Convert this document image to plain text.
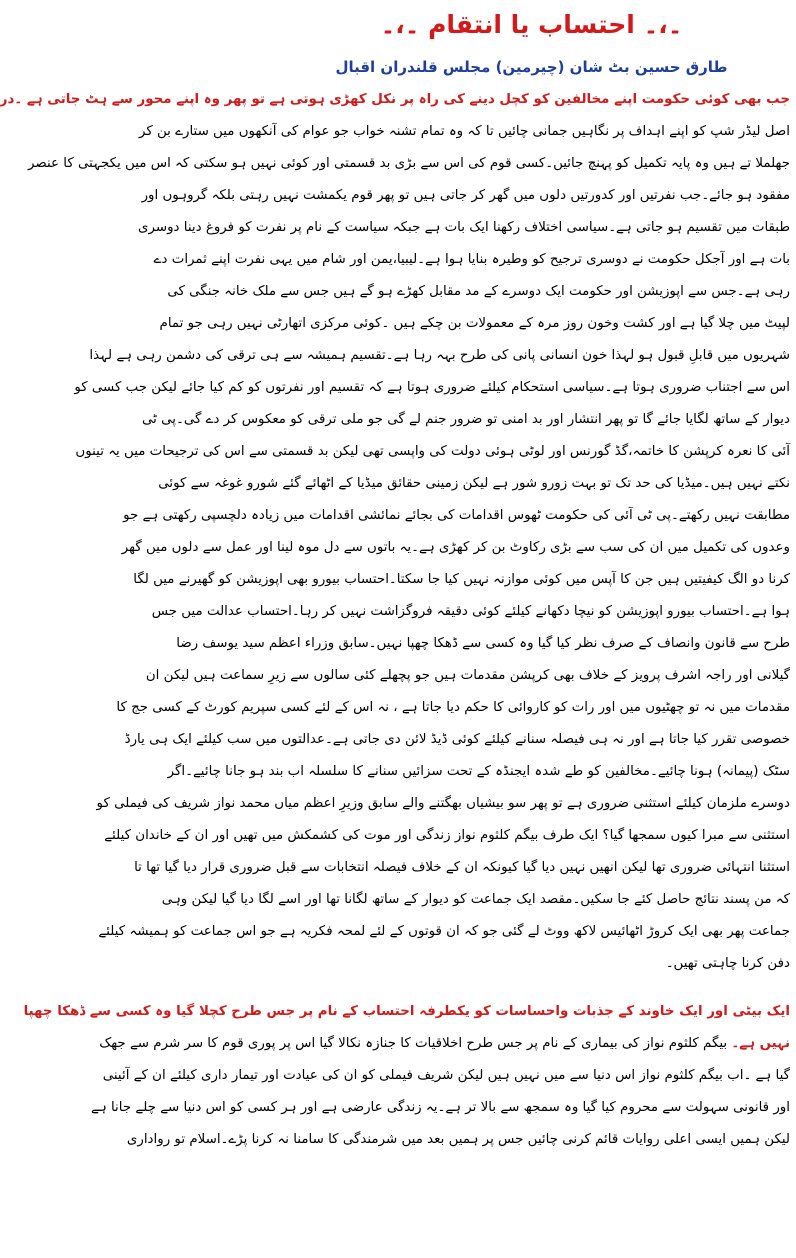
۔،۔ احتساب یا انتقام ۔،۔
طارق حسین بٹ شان (چیرمین) مجلس قلندران اقبال
جب بھی کوئی حکومت اپنے مخالفین کو کچل دینے کی راہ پر نکل کھڑی ہوتی ہے تو پھر وہ اپنے محور سے ہٹ جاتی ہے ۔در
اصل لیڈر شپ کو اپنے اہداف پر نگاہیں جمانی چائیں تا کہ وہ تمام تشنہ خواب جو عوام کی آنکھوں میں ستارے بن کر
جھلملا تے ہیں وہ پایہ تکمیل کو پہنچ جائیں۔کسی قوم کی اس سے بڑی بد قسمتی اور کوئی نہیں ہو سکتی کہ اس میں یکجہتی کا عنصر
مفقود ہو جائے۔جب نفرتیں اور کدورتیں دلوں میں گھر کر جاتی ہیں تو پھر قوم یکمشت نہیں رہتی بلکہ گروہوں اور
طبقات میں تقسیم ہو جاتی ہے۔سیاسی اختلاف رکھنا ایک بات ہے جبکہ سیاست کے نام پر نفرت کو فروغ دینا دوسری
بات ہے اور آجکل حکومت نے دوسری ترجیح کو وطیرہ بنایا ہوا ہے۔لیبیا،یمن اور شام میں یہی نفرت اپنے ثمرات دے
رہی ہے۔جس سے اپوزیشن اور حکومت ایک دوسرے کے مد مقابل کھڑے ہو گے ہیں جس سے ملک خانہ جنگی کی
لپیٹ میں چلا گیا ہے اور کشت وخون روز مرہ کے معمولات بن چکے ہیں ۔کوئی مرکزی اتھارٹی نہیں رہی جو تمام
شہریوں میں قابلِ قبول ہو لہذا خون انسانی پانی کی طرح بہہ رہا ہے۔تقسیم ہمیشہ سے ہی ترقی کی دشمن رہی ہے لہذا
اس سے اجتناب ضروری ہوتا ہے۔سیاسی استحکام کیلئے ضروری ہوتا ہے کہ تقسیم اور نفرتوں کو کم کیا جائے لیکن جب کسی کو
دیوار کے ساتھ لگایا جائے گا تو پھر انتشار اور بد امنی تو ضرور جنم لے گی جو ملی ترقی کو معکوس کر دے گی۔پی ٹی
آئی کا نعرہ کرپشن کا خاتمہ،گڈ گورنس اور لوٹی ہوئی دولت کی واپسی تھی لیکن بد قسمتی سے اس کی ترجیحات میں یہ تینوں
نکتے نہیں ہیں۔میڈیا کی حد تک تو بہت زورو شور ہے لیکن زمینی حقائق میڈیا کے اٹھائے گئے شورو غوغہ سے کوئی
مطابقت نہیں رکھتے۔پی ٹی آئی کی حکومت ٹھوس اقدامات کی بجائے نمائشی اقدامات میں زیادہ دلچسپی رکھتی ہے جو
وعدوں کی تکمیل میں ان کی سب سے بڑی رکاوٹ بن کر کھڑی ہے۔یہ باتوں سے دل موہ لینا اور عمل سے دلوں میں گھر
کرنا دو الگ کیفیتیں ہیں جن کا آپس میں کوئی موازنہ نہیں کیا جا سکتا۔احتساب بیورو بھی اپوزیشن کو گھیرنے میں لگا
ہوا ہے۔احتساب بیورو اپوزیشن کو نیچا دکھانے کیلئے کوئی دقیقہ فروگزاشت نہیں کر رہا۔احتساب عدالت میں جس
طرح سے قانون وانصاف کے صرف نظر کیا گیا وہ کسی سے ڈھکا چھپا نہیں۔سابق وزراء اعظم سید یوسف رضا
گیلانی اور راجہ اشرف پرویز کے خلاف بھی کرپشن مقدمات ہیں جو پچھلے کئی سالوں سے زیرِ سماعت ہیں لیکن ان
مقدمات میں نہ تو چھٹیوں میں اور رات کو کاروائی کا حکم دیا جاتا ہے ، نہ اس کے لئے کسی سپریم کورٹ کے کسی جج کا
خصوصی تقرر کیا جاتا ہے اور نہ ہی فیصلہ سنانے کیلئے کوئی ڈیڈ لائن دی جاتی ہے۔عدالتوں میں سب کیلئے ایک ہی یارڈ
سٹک (پیمانہ) ہونا چائیے۔مخالفین کو طے شدہ ایجنڈہ کے تحت سزائیں سنانے کا سلسلہ اب بند ہو جانا چائیے۔اگر
دوسرے ملزمان کیلئے استثنی ضروری ہے تو پھر سو بیشیاں بھگتنے والے سابق وزیرِ اعظم میاں محمد نواز شریف کی فیملی کو
استثنی سے مبرا کیوں سمجھا گیا؟ ایک طرف بیگم کلثوم نواز زندگی اور موت کی کشمکش میں تھیں اور ان کے خاندان کیلئے
استثنا انتہائی ضروری تھا لیکن انھیں نہیں دیا گیا کیونکہ ان کے خلاف فیصلہ انتخابات سے قبل ضروری قرار دیا گیا تھا تا
کہ من پسند نتائج حاصل کئے جا سکیں۔مقصد ایک جماعت کو دیوار کے ساتھ لگانا تھا اور اسے لگا دیا گیا لیکن وہی
جماعت پھر بھی ایک کروڑ اٹھائیس لاکھ ووٹ لے گئی جو کہ ان قوتوں کے لئے لمحہ فکریہ ہے جو اس جماعت کو ہمیشہ کیلئے
دفن کرنا چاہتی تھیں۔
ایک بیٹی اور ایک خاوند کے جذبات واحساسات کو یکطرفہ احتساب کے نام پر جس طرح کچلا گیا وہ کسی سے ڈھکا چھپا
نہیں ہے۔ بیگم کلثوم نواز کی بیماری کے نام پر جس طرح اخلاقیات کا جنازہ نکالا گیا اس پر پوری قوم کا سر شرم سے جھک
گیا ہے ۔اب بیگم کلثوم نواز اس دنیا سے میں نہیں ہیں لیکن شریف فیملی کو ان کی عیادت اور تیمار داری کیلئے ان کے آئینی
اور قانونی سہولت سے محروم کیا گیا وہ سمجھ سے بالا تر ہے۔یہ زندگی عارضی ہے اور ہر کسی کو اس دنیا سے چلے جانا ہے
لیکن ہمیں ایسی اعلی روایات قائم کرنی چائیں جس پر ہمیں بعد میں شرمندگی کا سامنا نہ کرنا پڑے۔اسلام تو رواداری
